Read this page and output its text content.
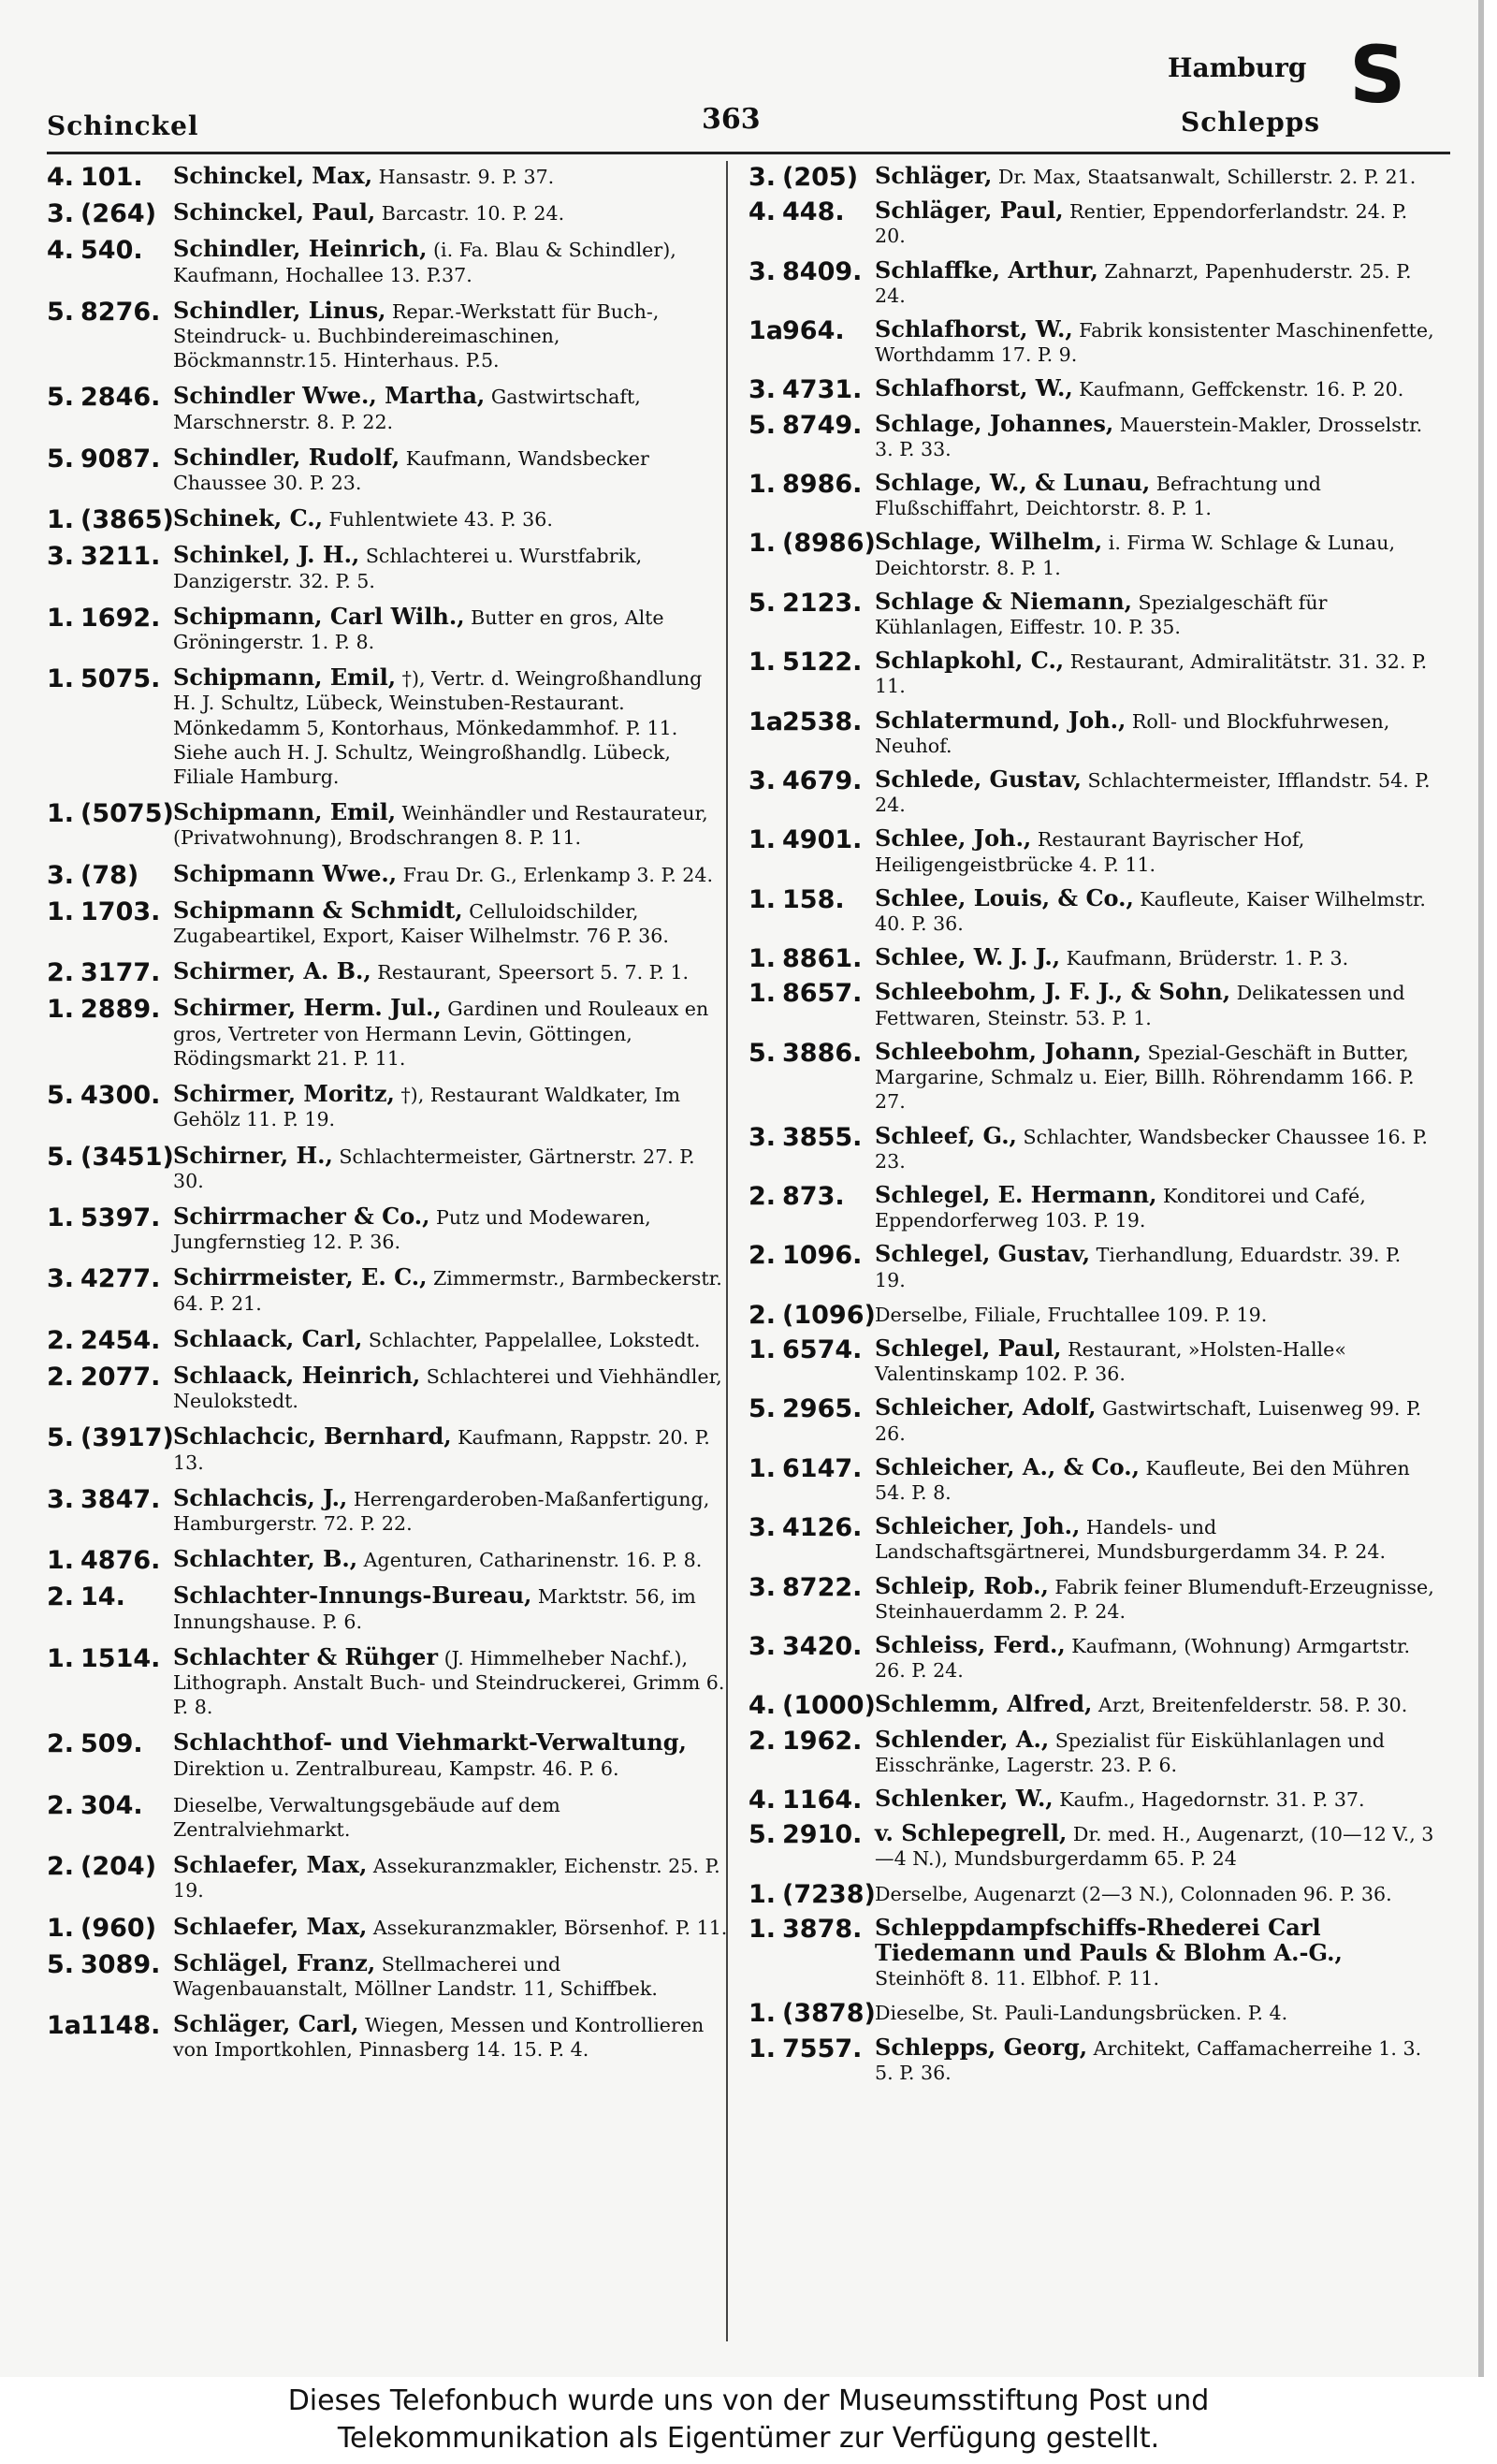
Schinckel	363
Hamburg
Schlepps
S
4. 101.	Schinckel, Max, Hansastr. 9. P. 37.
3. (264) Schinckel, Paul, Barcastr. 10. P. 24.
4. 540.	Schindler, Heinrich, (i. Fa. Blau & Schindler), Kaufmann, Hochallee 13. P.37.
5. 8276. Schindler, Linus, Repar.-Werkstatt für Buch-, Steindruck- u. Buchbindereimaschinen, Böckmannstr.15. Hinterhaus. P.5.
5. 2846. Schindler Wwe., Martha, Gastwirtschaft, Marschnerstr. 8. P. 22.
5. 9087. Schindler, Rudolf, Kaufmann, Wandsbecker Chaussee 30. P. 23.
1. (3865) Schinek, C., Fuhlentwiete 43. P. 36.
3. 3211. Schinkel, J. H., Schlachterei u. Wurstfabrik, Danzigerstr. 32. P. 5.
1. 1692. Schipmann, Carl Wilh., Butter en gros, Alte Gröningerstr. 1. P. 8.
1. 5075. Schipmann, Emil, †), Vertr. d. Weingroßhandlung H. J. Schultz, Lübeck, Weinstuben-Restaurant. Mönkedamm 5, Kontorhaus, Mönkedammhof. P. 11. Siehe auch H. J. Schultz, Weingroßhandlg. Lübeck, Filiale Hamburg.
1. (5075) Schipmann, Emil, Weinhändler und Restaurateur, (Privatwohnung), Brodschrangen 8. P. 11.
3. (78)	Schipmann Wwe., Frau Dr. G., Erlenkamp 3. P. 24.
1. 1703. Schipmann & Schmidt, Celluloidschilder, Zugabeartikel, Export, Kaiser Wilhelmstr. 76 P. 36.
2. 3177. Schirmer, A. B., Restaurant, Speersort 5. 7. P. 1.
1. 2889. Schirmer, Herm. Jul., Gardinen und Rouleaux en gros, Vertreter von Hermann Levin, Göttingen, Rödingsmarkt 21. P. 11.
5. 4300. Schirmer, Moritz, †), Restaurant Waldkater, Im Gehölz 11. P. 19.
5. (3451) Schirner, H., Schlachtermeister, Gärtnerstr. 27. P. 30.
1. 5397. Schirrmacher & Co., Putz und Modewaren, Jungfernstieg 12. P. 36.
3. 4277. Schirrmeister, E. C., Zimmermstr., Barmbeckerstr. 64. P. 21.
2. 2454. Schlaack, Carl, Schlachter, Pappelallee, Lokstedt.
2. 2077. Schlaack, Heinrich, Schlachterei und Viehhändler, Neulokstedt.
5. (3917) Schlachcic, Bernhard, Kaufmann, Rappstr. 20. P. 13.
3. 3847. Schlachcis, J., Herrengarderoben-Maßanfertigung, Hamburgerstr. 72. P. 22.
1. 4876. Schlachter, B., Agenturen, Catharinenstr. 16. P. 8.
2. 14.	Schlachter-Innungs-Bureau, Marktstr. 56, im Innungshause. P. 6.
1. 1514. Schlachter & Rühger (J. Himmelheber Nachf.), Lithograph. Anstalt Buch- und Steindruckerei, Grimm 6. P. 8.
2. 509.	Schlachthof- und Viehmarkt-Verwaltung, Direktion u. Zentralbureau, Kampstr. 46. P. 6.
2. 304.	Dieselbe, Verwaltungsgebäude auf dem Zentralviehmarkt.
2. (204) Schlaefer, Max, Assekuranzmakler, Eichenstr. 25. P. 19.
1. (960) Schlaefer, Max, Assekuranzmakler, Börsenhof. P. 11.
5. 3089. Schlägel, Franz, Stellmacherei und Wagenbauanstalt, Möllner Landstr. 11, Schiffbek.
1a1148. Schläger, Carl, Wiegen, Messen und Kontrollieren von Importkohlen, Pinnasberg 14. 15. P. 4.
3. (205) Schläger, Dr. Max, Staatsanwalt, Schillerstr. 2. P. 21.
4. 448.	Schläger, Paul, Rentier, Eppendorferlandstr. 24. P. 20.
3. 8409. Schlaffke, Arthur, Zahnarzt, Papenhuderstr. 25. P. 24.
1a964.	Schlafhorst, W., Fabrik konsistenter Maschinenfette, Worthdamm 17. P. 9.
3. 4731. Schlafhorst, W., Kaufmann, Geffckenstr. 16. P. 20.
5. 8749. Schlage, Johannes, Mauerstein-Makler, Drosselstr. 3. P. 33.
1. 8986. Schlage, W., & Lunau, Befrachtung und Flußschiffahrt, Deichtorstr. 8. P. 1.
1. (8986) Schlage, Wilhelm, i. Firma W. Schlage & Lunau, Deichtorstr. 8. P. 1.
5. 2123. Schlage & Niemann, Spezialgeschäft für Kühlanlagen, Eiffestr. 10. P. 35.
1. 5122. Schlapkohl, C., Restaurant, Admiralitätstr. 31. 32. P. 11.
1a2538. Schlatermund, Joh., Roll- und Blockfuhrwesen, Neuhof.
3. 4679. Schlede, Gustav, Schlachtermeister, Ifflandstr. 54. P. 24.
1. 4901. Schlee, Joh., Restaurant Bayrischer Hof, Heiligengeistbrücke 4. P. 11.
1. 158.	Schlee, Louis, & Co., Kaufleute, Kaiser Wilhelmstr. 40. P. 36.
1. 8861. Schlee, W. J. J., Kaufmann, Brüderstr. 1. P. 3.
1. 8657. Schleebohm, J. F. J., & Sohn, Delikatessen und Fettwaren, Steinstr. 53. P. 1.
5. 3886. Schleebohm, Johann, Spezial-Geschäft in Butter, Margarine, Schmalz u. Eier, Billh. Röhrendamm 166. P. 27.
3. 3855. Schleef, G., Schlachter, Wandsbecker Chaussee 16. P. 23.
2. 873.	Schlegel, E. Hermann, Konditorei und Café, Eppendorferweg 103. P. 19.
2. 1096. Schlegel, Gustav, Tierhandlung, Eduardstr. 39. P. 19.
2. (1096) Derselbe, Filiale, Fruchtallee 109. P. 19.
1. 6574. Schlegel, Paul, Restaurant, »Holsten-Halle« Valentinskamp 102. P. 36.
5. 2965. Schleicher, Adolf, Gastwirtschaft, Luisenweg 99. P. 26.
1. 6147. Schleicher, A., & Co., Kaufleute, Bei den Mühren 54. P. 8.
3. 4126. Schleicher, Joh., Handels- und Landschaftsgärtnerei, Mundsburgerdamm 34. P. 24.
3. 8722. Schleip, Rob., Fabrik feiner Blumenduft-Erzeugnisse, Steinhauerdamm 2. P. 24.
3. 3420. Schleiss, Ferd., Kaufmann, (Wohnung) Armgartstr. 26. P. 24.
4. (1000) Schlemm, Alfred, Arzt, Breitenfelderstr. 58. P. 30.
2. 1962. Schlender, A., Spezialist für Eiskühlanlagen und Eisschränke, Lagerstr. 23. P. 6.
4. 1164. Schlenker, W., Kaufm., Hagedornstr. 31. P. 37.
5. 2910. v. Schlepegrell, Dr. med. H., Augenarzt, (10—12 V., 3—4 N.), Mundsburgerdamm 65. P. 24
1. (7238) Derselbe, Augenarzt (2—3 N.), Colonnaden 96. P. 36.
1. 3878. Schleppdampfschiffs-Rhederei Carl Tiedemann und Pauls & Blohm A.-G., Steinhöft 8. 11. Elbhof. P. 11.
1. (3878) Dieselbe, St. Pauli-Landungsbrücken. P. 4.
1. 7557. Schlepps, Georg, Architekt, Caffamacherreihe 1. 3. 5. P. 36.
Dieses Telefonbuch wurde uns von der Museumsstiftung Post und
Telekommunikation als Eigentümer zur Verfügung gestellt.
